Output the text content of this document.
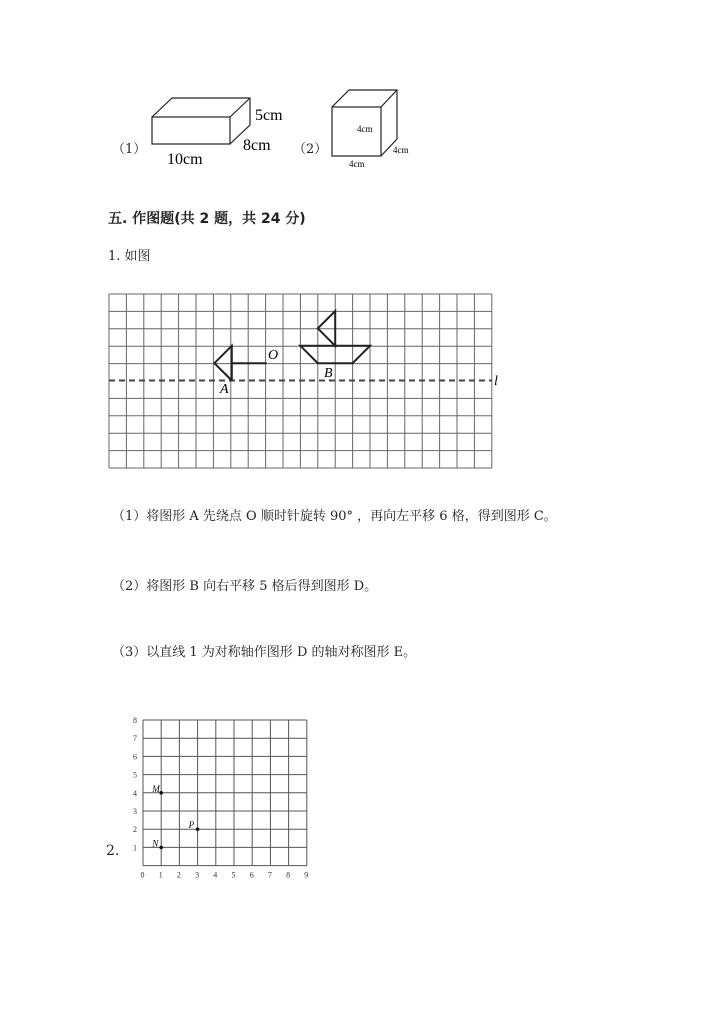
（1）
5cm
8cm
10cm
（2）
4cm
4cm
4cm
五. 作图题(共 2 题，共 24 分)
1. 如图
O
A
B
l
（1）将图形 A 先绕点 O 顺时针旋转 90° ，再向左平移 6 格，得到图形 C。
（2）将图形 B 向右平移 5 格后得到图形 D。
（3）以直线 1 为对称轴作图形 D 的轴对称图形 E。
2.
0 1 2 3 4 5 6 7 8 9
1
2
3
4
5
6
7
8
M
N
P
